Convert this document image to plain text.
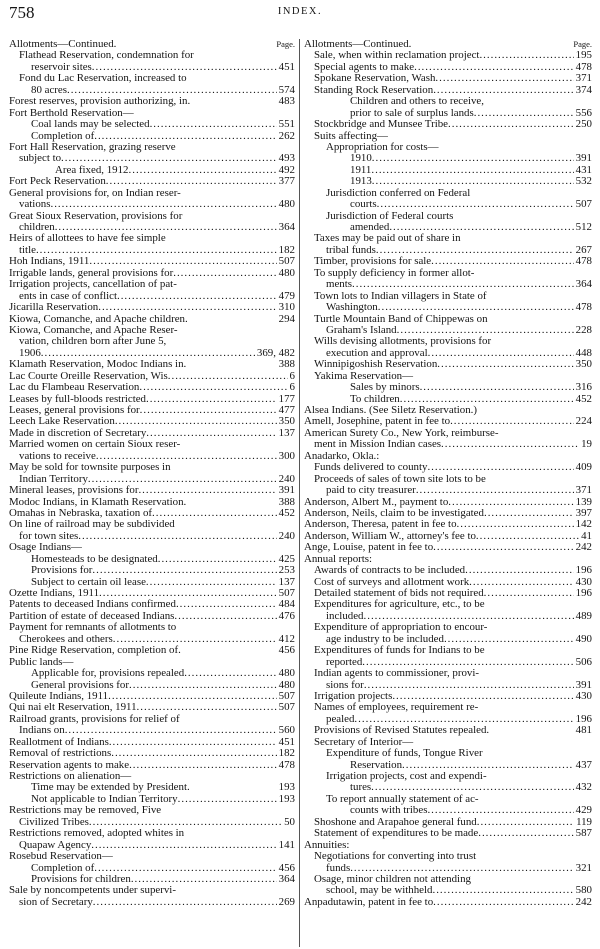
758	INDEX.
Allotments—Continued.	Page.
Flathead Reservation, condemnation for
reservoir sites .....	451
Fond du Lac Reservation, increased to
80 acres .....	574
Forest reserves, provision authorizing, in.	483
Fort Berthold Reservation—
Coal lands may be selected .....	551
Completion of .....	262
Fort Hall Reservation, grazing reserve
subject to .....	493
Area fixed, 1912 .....	492
Fort Peck Reservation .....	377
General provisions for, on Indian reser-
vations .....	480
Great Sioux Reservation, provisions for
children .....	364
Heirs of allottees to have fee simple
title .....	182
Hoh Indians, 1911 .....	507
Irrigable lands, general provisions for .....	480
Irrigation projects, cancellation of pat-
ents in case of conflict .....	479
Jicarilla Reservation .....	310
Kiowa, Comanche, and Apache children.	294
Kiowa, Comanche, and Apache Reser-
vation, children born after June 5,
1906 .....	369, 482
Klamath Reservation, Modoc Indians in.	388
Lac Courte Oreille Reservation, Wis .....	6
Lac du Flambeau Reservation .....	6
Leases by full-bloods restricted .....	177
Leases, general provisions for .....	477
Leech Lake Reservation .....	350
Made in discretion of Secretary .....	137
Married women on certain Sioux reser-
vations to receive .....	300
May be sold for townsite purposes in
Indian Territory .....	240
Mineral leases, provisions for .....	391
Modoc Indians, in Klamath Reservation.	388
Omahas in Nebraska, taxation of .....	452
On line of railroad may be subdivided
for town sites .....	240
Osage Indians—
Homesteads to be designated .....	425
Provisions for .....	253
Subject to certain oil lease .....	137
Ozette Indians, 1911 .....	507
Patents to deceased Indians confirmed .....	484
Partition of estate of deceased Indians .....	476
Payment for remnants of allotments to
Cherokees and others .....	412
Pine Ridge Reservation, completion of.	456
Public lands—
Applicable for, provisions repealed .....	480
General provisions for .....	480
Quileute Indians, 1911 .....	507
Qui nai elt Reservation, 1911 .....	507
Railroad grants, provisions for relief of
Indians on .....	560
Reallotment of Indians .....	451
Removal of restrictions .....	182
Reservation agents to make .....	478
Restrictions on alienation—
Time may be extended by President.	193
Not applicable to Indian Territory .....	193
Restrictions may be removed, Five
Civilized Tribes .....	50
Restrictions removed, adopted whites in
Quapaw Agency .....	141
Rosebud Reservation—
Completion of .....	456
Provisions for children .....	364
Sale by noncompetents under supervi-
sion of Secretary .....	269
Allotments—Continued.	Page.
Sale, when within reclamation project .....	195
Special agents to make .....	478
Spokane Reservation, Wash .....	371
Standing Rock Reservation .....	374
Children and others to receive,
prior to sale of surplus lands .....	556
Stockbridge and Munsee Tribe .....	250
Suits affecting—
Appropriation for costs—
1910 .....	391
1911 .....	431
1913 .....	532
Jurisdiction conferred on Federal
courts .....	507
Jurisdiction of Federal courts
amended .....	512
Taxes may be paid out of share in
tribal funds .....	267
Timber, provisions for sale .....	478
To supply deficiency in former allot-
ments .....	364
Town lots to Indian villagers in State of
Washington .....	478
Turtle Mountain Band of Chippewas on
Graham's Island .....	228
Wills devising allotments, provisions for
execution and approval .....	448
Winnipigoshish Reservation .....	350
Yakima Reservation—
Sales by minors .....	316
To children .....	452
Alsea Indians. (See Siletz Reservation.)
Amell, Josephine, patent in fee to .....	224
American Surety Co., New York, reimburse-
ment in Mission Indian cases .....	19
Anadarko, Okla.:
Funds delivered to county .....	409
Proceeds of sales of town site lots to be
paid to city treasurer .....	371
Anderson, Albert M., payment to .....	139
Anderson, Neils, claim to be investigated .....	397
Anderson, Theresa, patent in fee to .....	142
Anderson, William W., attorney's fee to .....	41
Ange, Louise, patent in fee to .....	242
Annual reports:
Awards of contracts to be included .....	196
Cost of surveys and allotment work .....	430
Detailed statement of bids not required .....	196
Expenditures for agriculture, etc., to be
included .....	489
Expenditure of appropriation to encour-
age industry to be included .....	490
Expenditures of funds for Indians to be
reported .....	506
Indian agents to commissioner, provi-
sions for .....	391
Irrigation projects .....	430
Names of employees, requirement re-
pealed .....	196
Provisions of Revised Statutes repealed.	481
Secretary of Interior—
Expenditure of funds, Tongue River
Reservation .....	437
Irrigation projects, cost and expendi-
tures .....	432
To report annually statement of ac-
counts with tribes .....	429
Shoshone and Arapahoe general fund .....	119
Statement of expenditures to be made .....	587
Annuities:
Negotiations for converting into trust
funds .....	321
Osage, minor children not attending
school, may be withheld .....	580
Anpadutawin, patent in fee to .....	242
